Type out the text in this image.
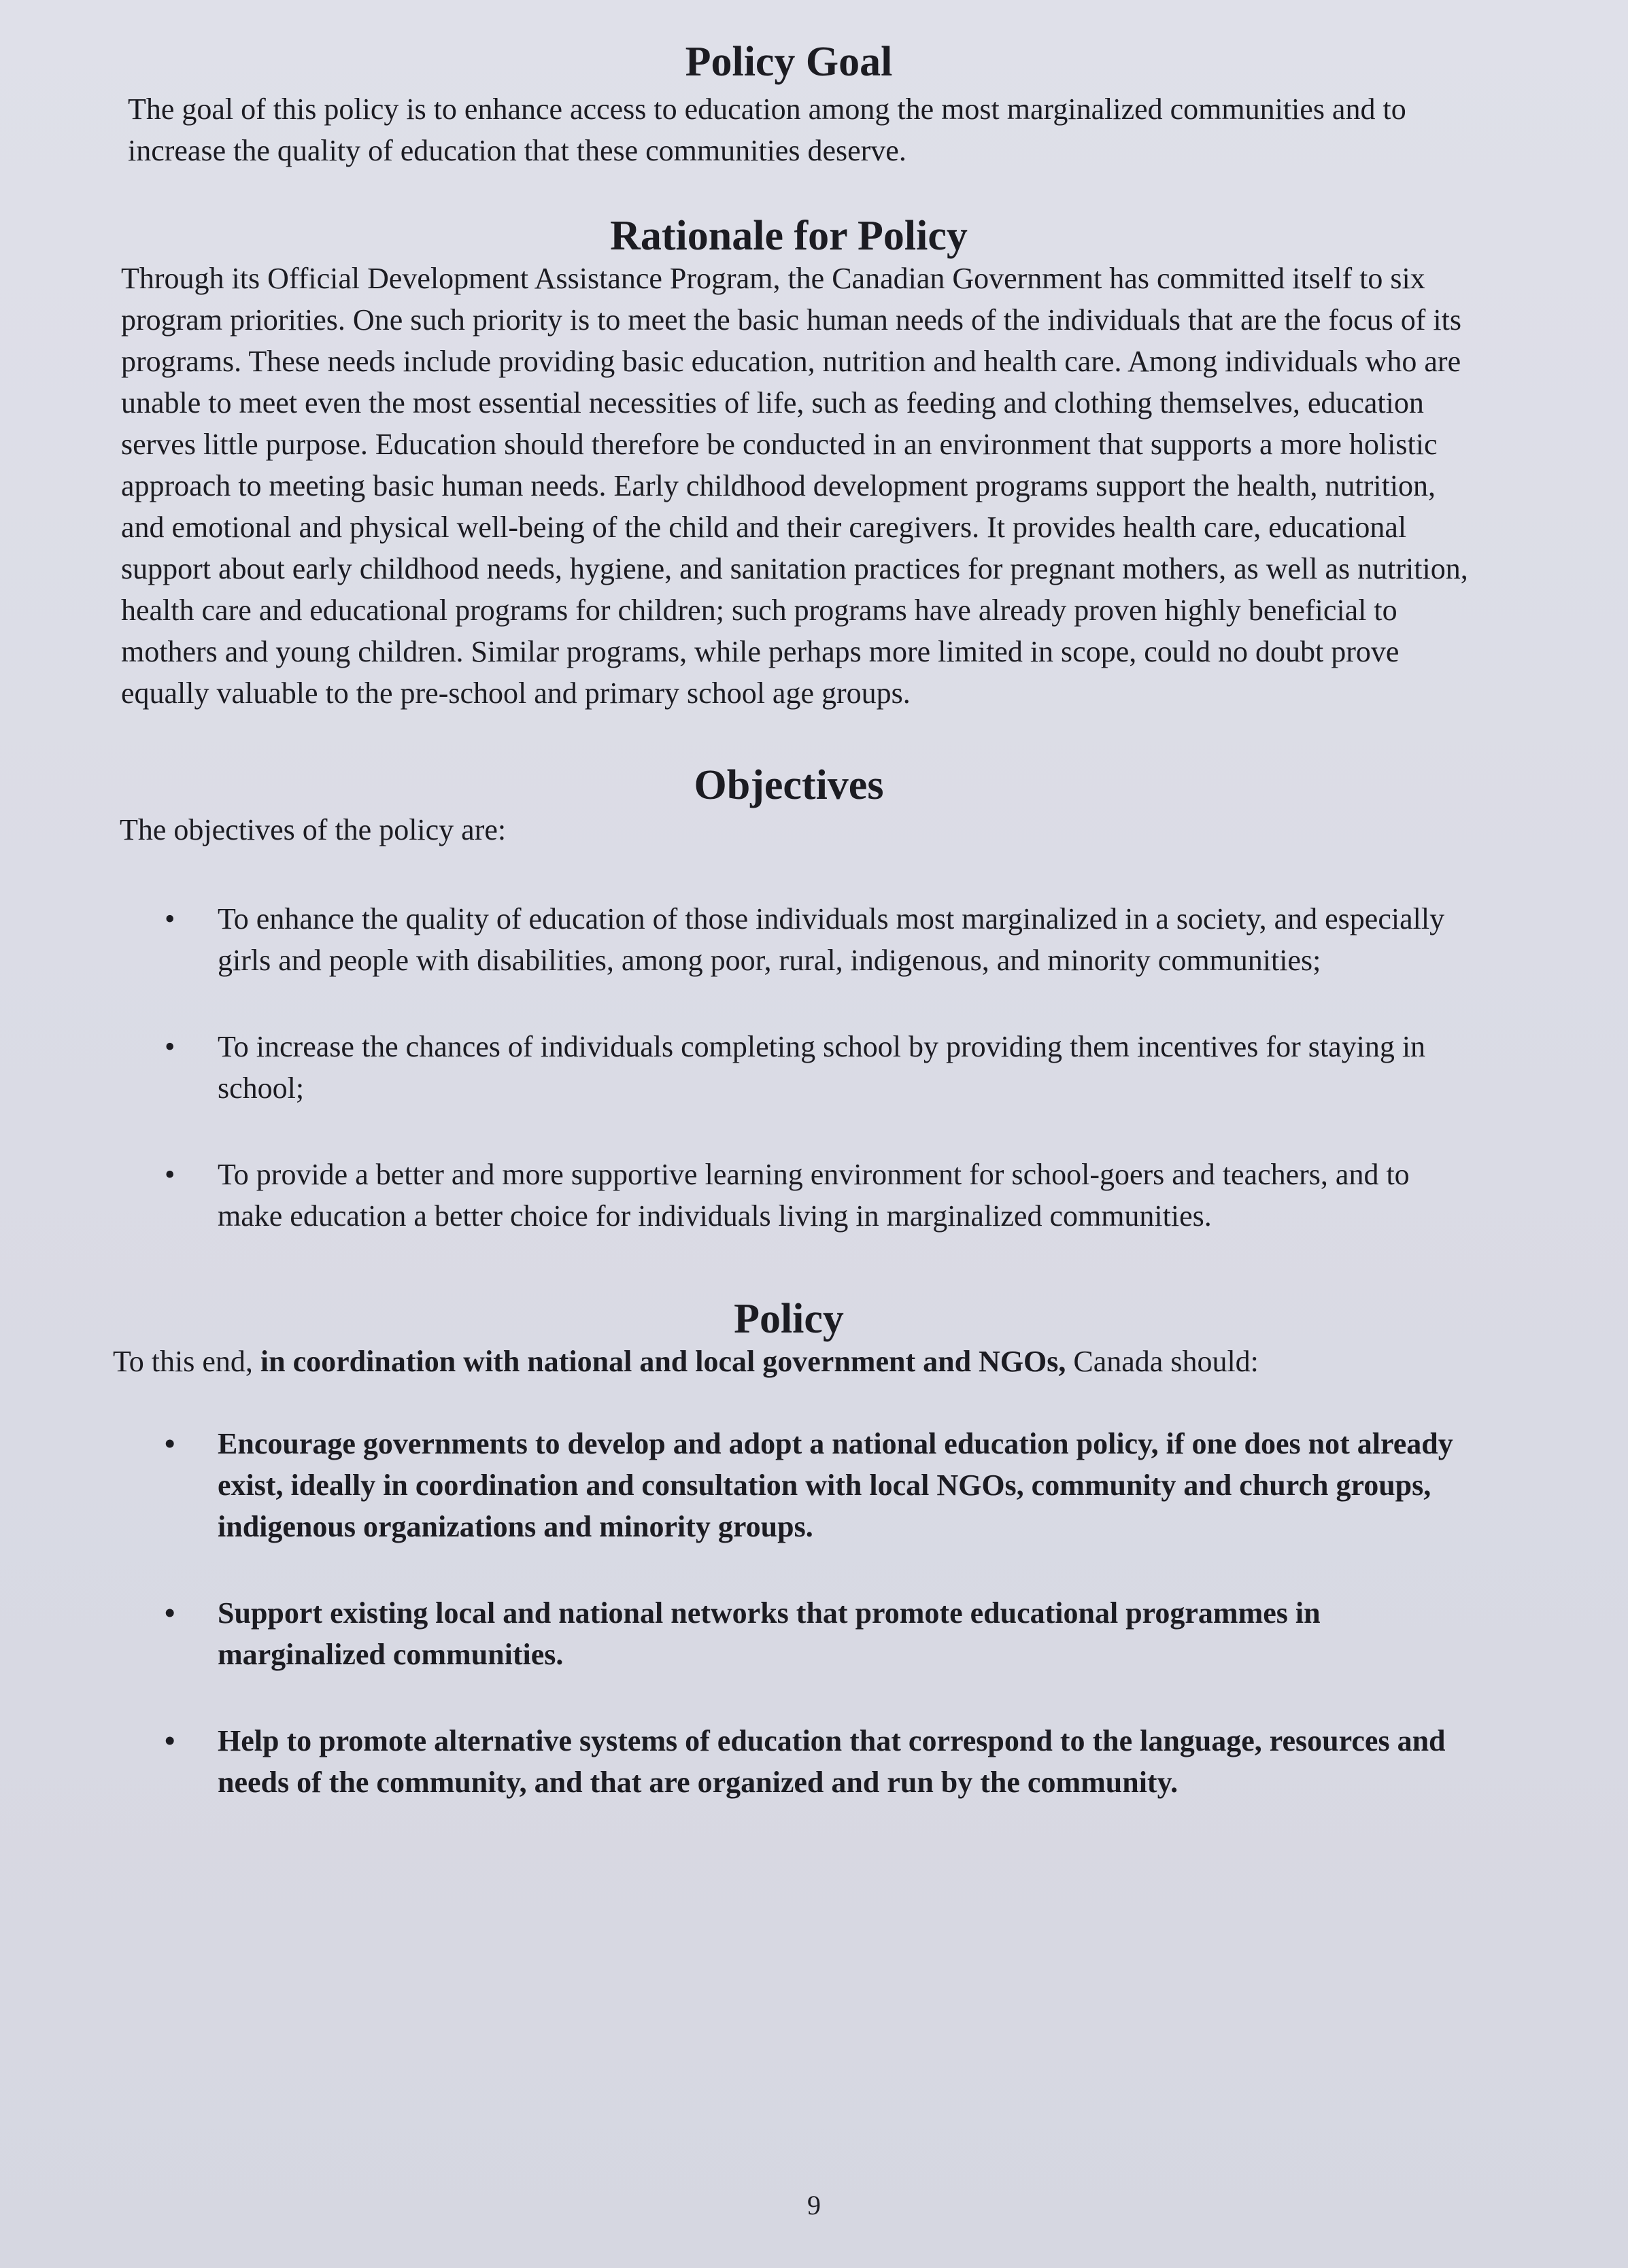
Policy Goal

The goal of this policy is to enhance access to education among the most marginalized communities and to increase the quality of education that these communities deserve.

Rationale for Policy

Through its Official Development Assistance Program, the Canadian Government has committed itself to six program priorities. One such priority is to meet the basic human needs of the individuals that are the focus of its programs. These needs include providing basic education, nutrition and health care. Among individuals who are unable to meet even the most essential necessities of life, such as feeding and clothing themselves, education serves little purpose. Education should therefore be conducted in an environment that supports a more holistic approach to meeting basic human needs. Early childhood development programs support the health, nutrition, and emotional and physical well-being of the child and their caregivers. It provides health care, educational support about early childhood needs, hygiene, and sanitation practices for pregnant mothers, as well as nutrition, health care and educational programs for children; such programs have already proven highly beneficial to mothers and young children. Similar programs, while perhaps more limited in scope, could no doubt prove equally valuable to the pre-school and primary school age groups.

Objectives

The objectives of the policy are:

• To enhance the quality of education of those individuals most marginalized in a society, and especially girls and people with disabilities, among poor, rural, indigenous, and minority communities;
• To increase the chances of individuals completing school by providing them incentives for staying in school;
• To provide a better and more supportive learning environment for school-goers and teachers, and to make education a better choice for individuals living in marginalized communities.
Policy

To this end, in coordination with national and local government and NGOs, Canada should:

• Encourage governments to develop and adopt a national education policy, if one does not already exist, ideally in coordination and consultation with local NGOs, community and church groups, indigenous organizations and minority groups.
• Support existing local and national networks that promote educational programmes in marginalized communities.
• Help to promote alternative systems of education that correspond to the language, resources and needs of the community, and that are organized and run by the community.
9
